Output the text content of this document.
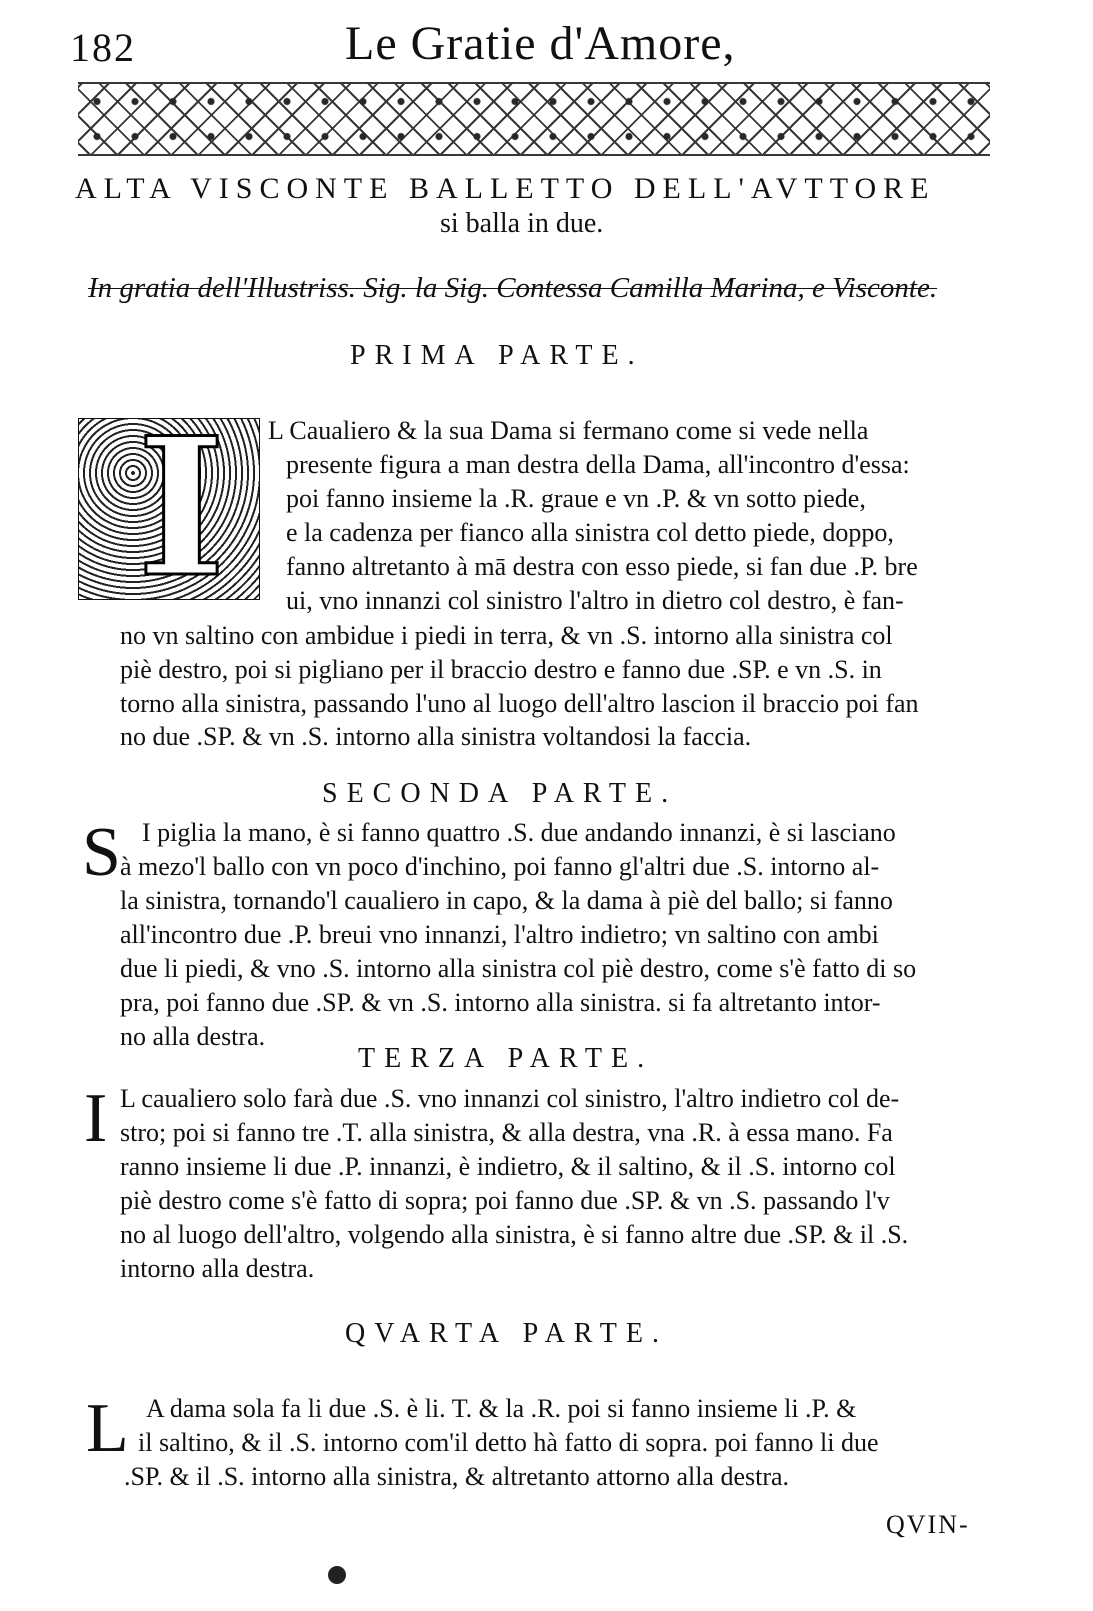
182	Le Gratie d'Amore,
ALTA VISCONTE BALLETTO DELL'AVTTORE
si balla in due.
In gratia dell'Illustriss. Sig. la Sig. Contessa Camilla Marina, e Visconte.
PRIMA PARTE.
I L Caualiero & la sua Dama si fermano come si vede nella
presente figura a man destra della Dama, all'incontro d'essa:
poi fanno insieme la .R. graue e vn .P. & vn sotto piede,
e la cadenza per fianco alla sinistra col detto piede, doppo,
fanno altretanto à mā destra con esso piede, si fan due .P. bre
ui, vno innanzi col sinistro l'altro in dietro col destro, è fan-
no vn saltino con ambidue i piedi in terra, & vn .S. intorno alla sinistra col
piè destro, poi si pigliano per il braccio destro e fanno due .SP. e vn .S. in
torno alla sinistra, passando l'uno al luogo dell'altro lascion il braccio poi fan
no due .SP. & vn .S. intorno alla sinistra voltandosi la faccia.
SECONDA PARTE.
S I piglia la mano, è si fanno quattro .S. due andando innanzi, è si lasciano
à mezo'l ballo con vn poco d'inchino, poi fanno gl'altri due .S. intorno al-
la sinistra, tornando'l caualiero in capo, & la dama à piè del ballo; si fanno
all'incontro due .P. breui vno innanzi, l'altro indietro; vn saltino con ambi
due li piedi, & vno .S. intorno alla sinistra col piè destro, come s'è fatto di so
pra, poi fanno due .SP. & vn .S. intorno alla sinistra. si fa altretanto intor-
no alla destra.
TERZA PARTE.
I L caualiero solo farà due .S. vno innanzi col sinistro, l'altro indietro col de-
stro; poi si fanno tre .T. alla sinistra, & alla destra, vna .R. à essa mano. Fa
ranno insieme li due .P. innanzi, è indietro, & il saltino, & il .S. intorno col
piè destro come s'è fatto di sopra; poi fanno due .SP. & vn .S. passando l'v
no al luogo dell'altro, volgendo alla sinistra, è si fanno altre due .SP. & il .S.
intorno alla destra.
QVARTA PARTE.
L A dama sola fa li due .S. è li. T. & la .R. poi si fanno insieme li .P. &
il saltino, & il .S. intorno com'il detto hà fatto di sopra. poi fanno li due
.SP. & il .S. intorno alla sinistra, & altretanto attorno alla destra.
QVIN-
